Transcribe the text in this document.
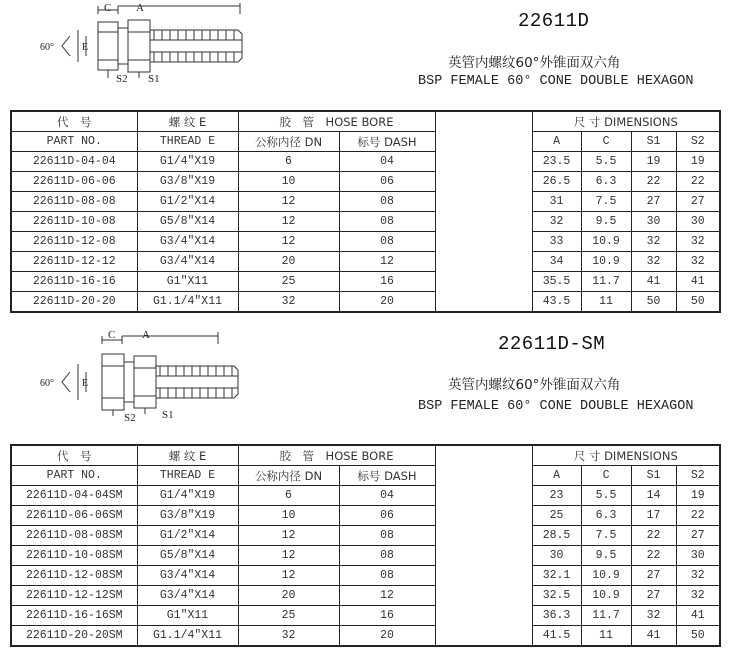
C A
60°	E
S2 S1
22611D
英管内螺纹60°外锥面双六角
BSP FEMALE 60° CONE DOUBLE HEXAGON
代　号	螺 纹 E	胶　管　HOSE BORE			尺 寸 DIMENSIONS			
PART NO.	THREAD E	公称内径 DN	标号 DASH		A	C	S1	S2
22611D-04-04	G1/4"X19	6	04		23.5	5.5	19	19
22611D-06-06	G3/8"X19	10	06		26.5	6.3	22	22
22611D-08-08	G1/2"X14	12	08		31	7.5	27	27
22611D-10-08	G5/8"X14	12	08		32	9.5	30	30
22611D-12-08	G3/4"X14	12	08		33	10.9	32	32
22611D-12-12	G3/4"X14	20	12		34	10.9	32	32
22611D-16-16	G1"X11	25	16		35.5	11.7	41	41
22611D-20-20	G1.1/4"X11	32	20		43.5	11	50	50
C A
60°	E
S2 S1
22611D-SM
英管内螺纹60°外锥面双六角
BSP FEMALE 60° CONE DOUBLE HEXAGON
代　号	螺 纹 E	胶　管　HOSE BORE			尺 寸 DIMENSIONS			
PART NO.	THREAD E	公称内径 DN	标号 DASH		A	C	S1	S2
22611D-04-04SM	G1/4"X19	6	04		23	5.5	14	19
22611D-06-06SM	G3/8"X19	10	06		25	6.3	17	22
22611D-08-08SM	G1/2"X14	12	08		28.5	7.5	22	27
22611D-10-08SM	G5/8"X14	12	08		30	9.5	22	30
22611D-12-08SM	G3/4"X14	12	08		32.1	10.9	27	32
22611D-12-12SM	G3/4"X14	20	12		32.5	10.9	27	32
22611D-16-16SM	G1"X11	25	16		36.3	11.7	32	41
22611D-20-20SM	G1.1/4"X11	32	20		41.5	11	41	50
